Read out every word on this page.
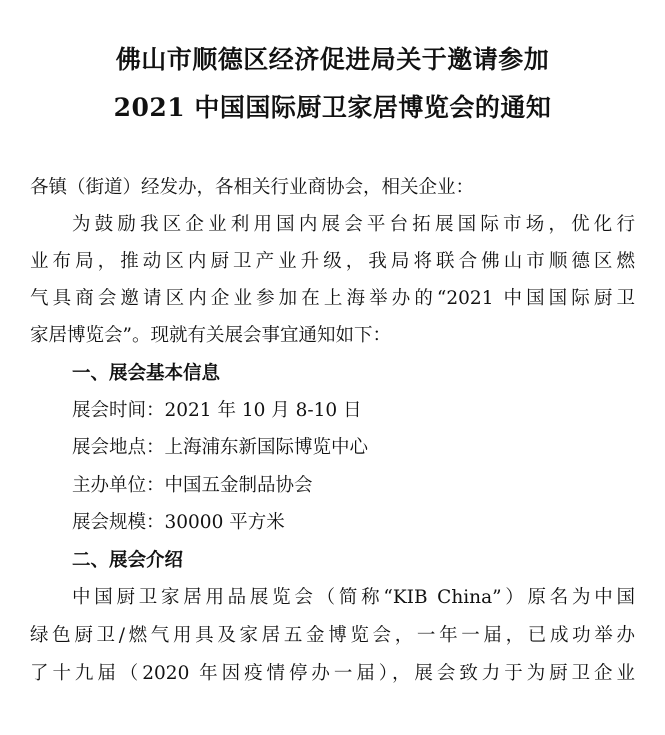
佛山市顺德区经济促进局关于邀请参加
2021 中国国际厨卫家居博览会的通知
各镇（街道）经发办，各相关行业商协会，相关企业：
为鼓励我区企业利用国内展会平台拓展国际市场，优化行
业布局，推动区内厨卫产业升级，我局将联合佛山市顺德区燃
气具商会邀请区内企业参加在上海举办的“2021 中国国际厨卫
家居博览会”。现就有关展会事宜通知如下：
一、展会基本信息
展会时间：2021 年 10 月 8-10 日
展会地点：上海浦东新国际博览中心
主办单位：中国五金制品协会
展会规模：30000 平方米
二、展会介绍
中国厨卫家居用品展览会（简称“KIB China”）原名为中国
绿色厨卫/燃气用具及家居五金博览会，一年一届，已成功举办
了十九届（2020 年因疫情停办一届），展会致力于为厨卫企业
